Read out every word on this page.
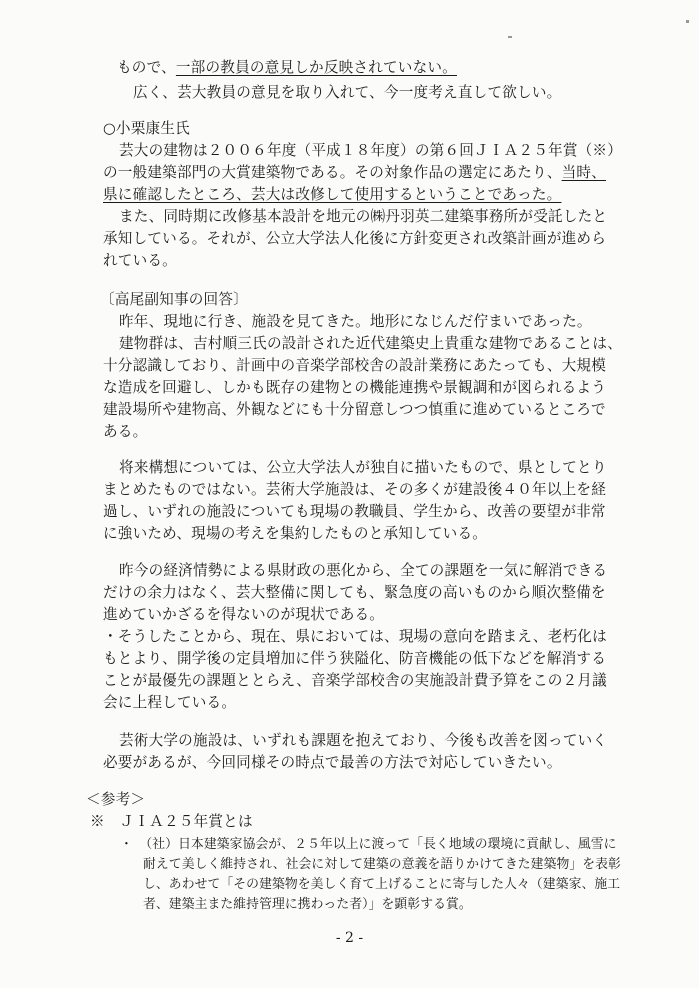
もので、一部の教員の意見しか反映されていない。
広く、芸大教員の意見を取り入れて、今一度考え直して欲しい。
○小栗康生氏
芸大の建物は２００６年度（平成１８年度）の第６回ＪＩＡ２５年賞（※）
の一般建築部門の大賞建築物である。その対象作品の選定にあたり、当時、
県に確認したところ、芸大は改修して使用するということであった。
また、同時期に改修基本設計を地元の㈱丹羽英二建築事務所が受託したと
承知している。それが、公立大学法人化後に方針変更され改築計画が進めら
れている。
〔高尾副知事の回答〕
昨年、現地に行き、施設を見てきた。地形になじんだ佇まいであった。
建物群は、吉村順三氏の設計された近代建築史上貴重な建物であることは、
十分認識しており、計画中の音楽学部校舎の設計業務にあたっても、大規模
な造成を回避し、しかも既存の建物との機能連携や景観調和が図られるよう
建設場所や建物高、外観などにも十分留意しつつ慎重に進めているところで
ある。
将来構想については、公立大学法人が独自に描いたもので、県としてとり
まとめたものではない。芸術大学施設は、その多くが建設後４０年以上を経
過し、いずれの施設についても現場の教職員、学生から、改善の要望が非常
に強いため、現場の考えを集約したものと承知している。
昨今の経済情勢による県財政の悪化から、全ての課題を一気に解消できる
だけの余力はなく、芸大整備に関しても、緊急度の高いものから順次整備を
進めていかざるを得ないのが現状である。
・そうしたことから、現在、県においては、現場の意向を踏まえ、老朽化は
もとより、開学後の定員増加に伴う狭隘化、防音機能の低下などを解消する
ことが最優先の課題ととらえ、音楽学部校舎の実施設計費予算をこの２月議
会に上程している。
芸術大学の施設は、いずれも課題を抱えており、今後も改善を図っていく
必要があるが、今回同様その時点で最善の方法で対応していきたい。
＜参考＞
※　ＪＩＡ２５年賞とは
・　（社）日本建築家協会が、２５年以上に渡って「長く地域の環境に貢献し、風雪に
耐えて美しく維持され、社会に対して建築の意義を語りかけてきた建築物」を表彰
し、あわせて「その建築物を美しく育て上げることに寄与した人々（建築家、施工
者、建築主また維持管理に携わった者）」を顕彰する賞。
- 2 -
